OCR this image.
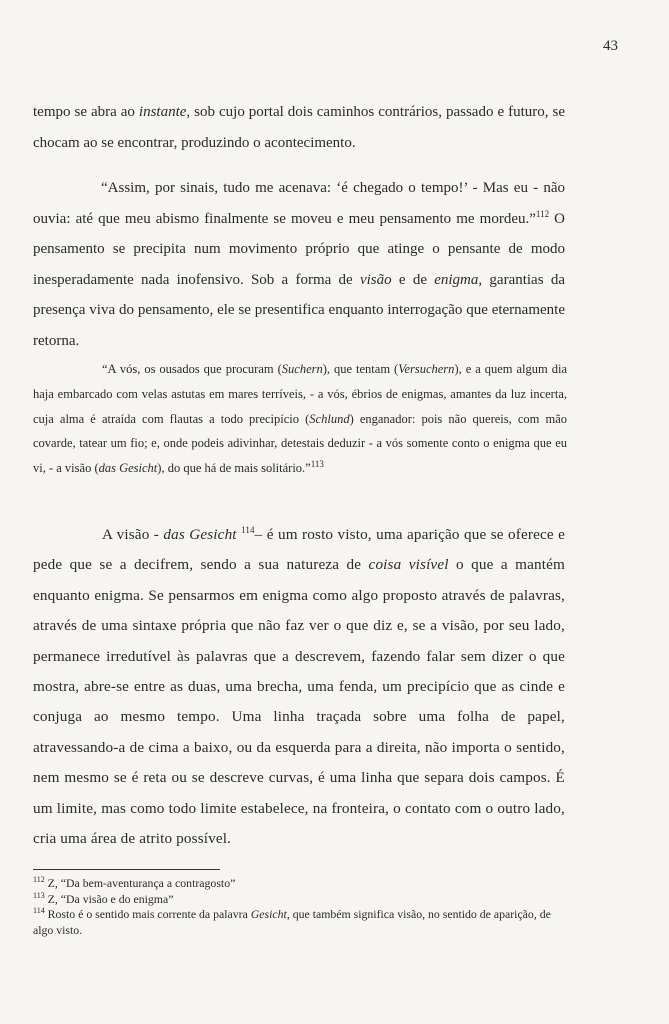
43

tempo se abra ao instante, sob cujo portal dois caminhos contrários, passado e futuro, se chocam ao se encontrar, produzindo o acontecimento.

“Assim, por sinais, tudo me acenava: ‘é chegado o tempo!’ - Mas eu - não ouvia: até que meu abismo finalmente se moveu e meu pensamento me mordeu.”$^{112}$ O pensamento se precipita num movimento próprio que atinge o pensante de modo inesperadamente nada inofensivo. Sob a forma de visão e de enigma, garantias da presença viva do pensamento, ele se presentifica enquanto interrogação que eternamente retorna.

“A vós, os ousados que procuram (Suchern), que tentam (Versuchern), e a quem algum dia haja embarcado com velas astutas em mares terríveis, - a vós, ébrios de enigmas, amantes da luz incerta, cuja alma é atraída com flautas a todo precipício (Schlund) enganador: pois não quereis, com mão covarde, tatear um fio; e, onde podeis adivinhar, detestais deduzir - a vós somente conto o enigma que eu vi, - a visão (das Gesicht), do que há de mais solitário.”$^{113}$

A visão - das Gesicht $^{114}$– é um rosto visto, uma aparição que se oferece e pede que se a decifrem, sendo a sua natureza de coisa visível o que a mantém enquanto enigma. Se pensarmos em enigma como algo proposto através de palavras, através de uma sintaxe própria que não faz ver o que diz e, se a visão, por seu lado, permanece irredutível às palavras que a descrevem, fazendo falar sem dizer o que mostra, abre-se entre as duas, uma brecha, uma fenda, um precipício que as cinde e conjuga ao mesmo tempo. Uma linha traçada sobre uma folha de papel, atravessando-a de cima a baixo, ou da esquerda para a direita, não importa o sentido, nem mesmo se é reta ou se descreve curvas, é uma linha que separa dois campos. É um limite, mas como todo limite estabelece, na fronteira, o contato com o outro lado, cria uma área de atrito possível.

$^{112}$ Z, “Da bem-aventurança a contragosto”

$^{113}$ Z, “Da visão e do enigma”

$^{114}$ Rosto é o sentido mais corrente da palavra Gesicht, que também significa visão, no sentido de aparição, de algo visto.
